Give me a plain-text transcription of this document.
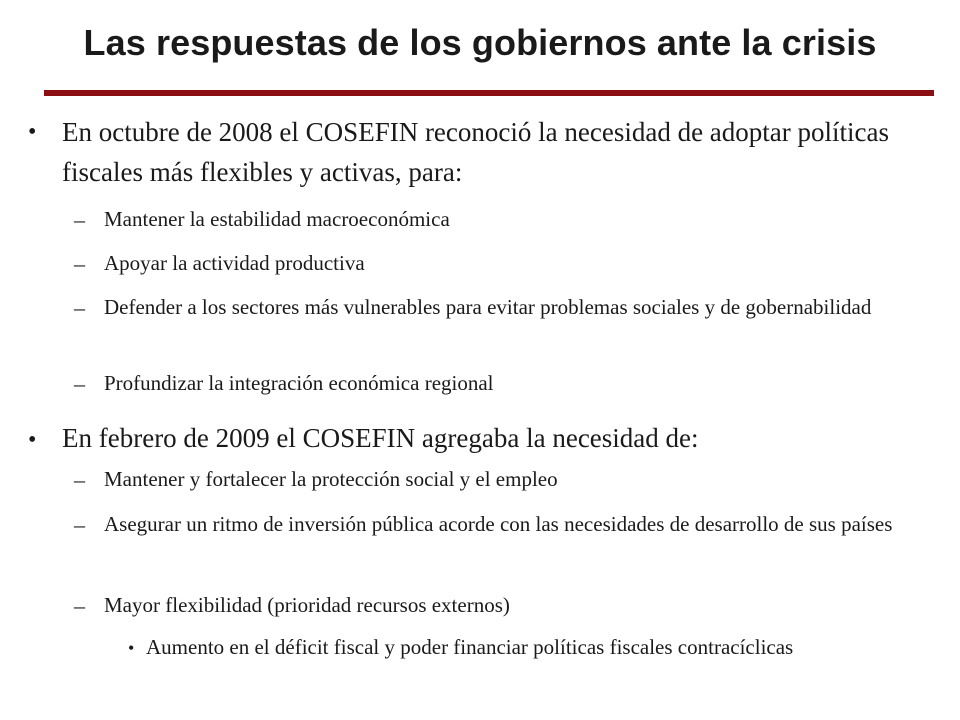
Las respuestas de los gobiernos ante la crisis
• En octubre de 2008 el COSEFIN reconoció la necesidad de adoptar políticas fiscales más flexibles y activas, para:
– Mantener la estabilidad macroeconómica
– Apoyar la actividad productiva
– Defender a los sectores más vulnerables para evitar problemas sociales y de gobernabilidad
– Profundizar la integración económica regional
• En febrero de 2009 el COSEFIN agregaba la necesidad de:
– Mantener y fortalecer la protección social y el empleo
– Asegurar un ritmo de inversión pública acorde con las necesidades de desarrollo de sus países
– Mayor flexibilidad (prioridad recursos externos)
• Aumento en el déficit fiscal y poder financiar políticas fiscales contracíclicas
